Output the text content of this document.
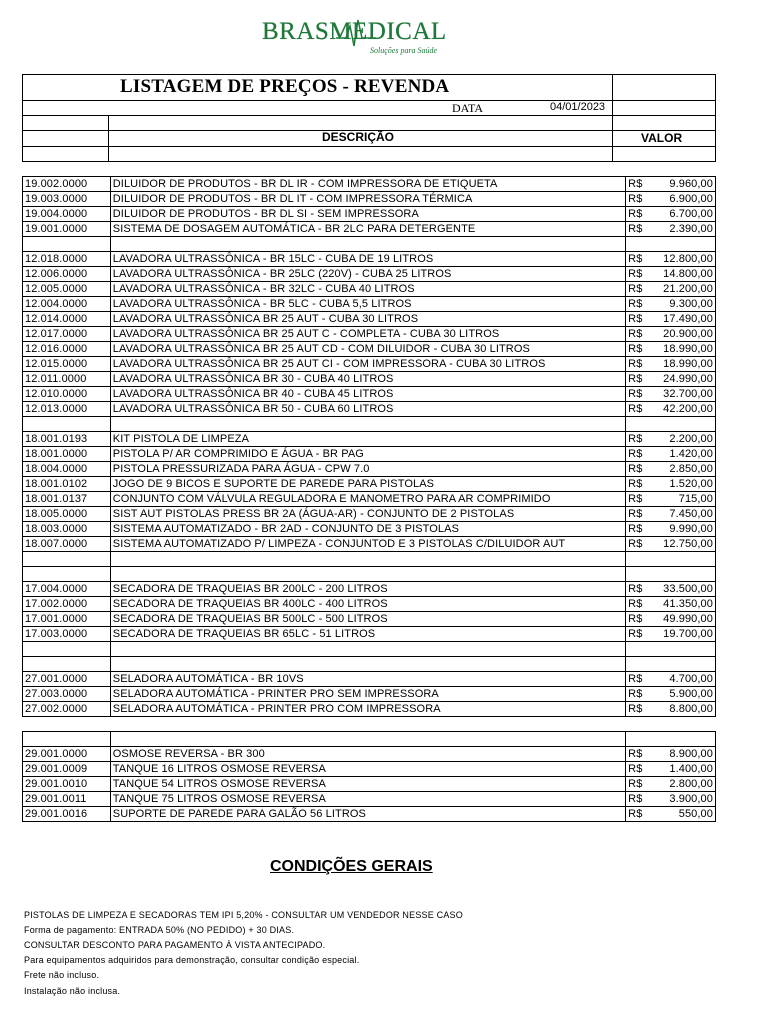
BRASMEDICAL
Soluções para Saúde
LISTAGEM DE PREÇOS - REVENDA
DATA	04/01/2023
DESCRIÇÃO	VALOR
19.002.0000	DILUIDOR DE PRODUTOS - BR DL IR - COM IMPRESSORA DE ETIQUETA	R$	9.960,00
19.003.0000	DILUIDOR DE PRODUTOS - BR DL IT - COM IMPRESSORA TÉRMICA	R$	6.900,00
19.004.0000	DILUIDOR DE PRODUTOS - BR DL SI - SEM IMPRESSORA	R$	6.700,00
19.001.0000	SISTEMA DE DOSAGEM AUTOMÁTICA - BR 2LC PARA DETERGENTE	R$	2.390,00
12.018.0000	LAVADORA ULTRASSÔNICA - BR 15LC - CUBA DE 19 LITROS	R$	12.800,00
12.006.0000	LAVADORA ULTRASSÔNICA - BR 25LC (220V) - CUBA 25 LITROS	R$	14.800,00
12.005.0000	LAVADORA ULTRASSÔNICA - BR 32LC - CUBA 40 LITROS	R$	21.200,00
12.004.0000	LAVADORA ULTRASSÔNICA - BR 5LC - CUBA 5,5 LITROS	R$	9.300,00
12.014.0000	LAVADORA ULTRASSÔNICA BR 25 AUT - CUBA 30 LITROS	R$	17.490,00
12.017.0000	LAVADORA ULTRASSÔNICA BR 25 AUT C - COMPLETA - CUBA 30 LITROS	R$	20.900,00
12.016.0000	LAVADORA ULTRASSÔNICA BR 25 AUT CD - COM DILUIDOR - CUBA 30 LITROS	R$	18.990,00
12.015.0000	LAVADORA ULTRASSÔNICA BR 25 AUT CI - COM IMPRESSORA - CUBA 30 LITROS	R$	18.990,00
12.011.0000	LAVADORA ULTRASSÔNICA BR 30 - CUBA 40 LITROS	R$	24.990,00
12.010.0000	LAVADORA ULTRASSÔNICA BR 40 - CUBA 45 LITROS	R$	32.700,00
12.013.0000	LAVADORA ULTRASSÔNICA BR 50 - CUBA 60 LITROS	R$	42.200,00
18.001.0193	KIT PISTOLA DE LIMPEZA	R$	2.200,00
18.001.0000	PISTOLA P/ AR COMPRIMIDO E ÁGUA - BR PAG	R$	1.420,00
18.004.0000	PISTOLA PRESSURIZADA PARA ÁGUA - CPW 7.0	R$	2.850,00
18.001.0102	JOGO DE 9 BICOS E SUPORTE DE PAREDE PARA PISTOLAS	R$	1.520,00
18.001.0137	CONJUNTO COM VÁLVULA REGULADORA E MANOMETRO PARA AR COMPRIMIDO	R$	715,00
18.005.0000	SIST AUT PISTOLAS PRESS BR 2A (ÁGUA-AR) - CONJUNTO DE 2 PISTOLAS	R$	7.450,00
18.003.0000	SISTEMA AUTOMATIZADO - BR 2AD - CONJUNTO DE 3 PISTOLAS	R$	9.990,00
18.007.0000	SISTEMA AUTOMATIZADO P/ LIMPEZA - CONJUNTOD E 3 PISTOLAS C/DILUIDOR AUT	R$	12.750,00
17.004.0000	SECADORA DE TRAQUEIAS BR 200LC - 200 LITROS	R$	33.500,00
17.002.0000	SECADORA DE TRAQUEIAS BR 400LC - 400 LITROS	R$	41.350,00
17.001.0000	SECADORA DE TRAQUEIAS BR 500LC - 500 LITROS	R$	49.990,00
17.003.0000	SECADORA DE TRAQUEIAS BR 65LC - 51 LITROS	R$	19.700,00
27.001.0000	SELADORA AUTOMÁTICA - BR 10VS	R$	4.700,00
27.003.0000	SELADORA AUTOMÁTICA - PRINTER PRO SEM IMPRESSORA	R$	5.900,00
27.002.0000	SELADORA AUTOMÁTICA - PRINTER PRO COM IMPRESSORA	R$	8.800,00
29.001.0000	OSMOSE REVERSA - BR 300	R$	8.900,00
29.001.0009	TANQUE 16 LITROS OSMOSE REVERSA	R$	1.400,00
29.001.0010	TANQUE 54 LITROS OSMOSE REVERSA	R$	2.800,00
29.001.0011	TANQUE 75 LITROS OSMOSE REVERSA	R$	3.900,00
29.001.0016	SUPORTE DE PAREDE PARA GALÃO 56 LITROS	R$	550,00

CONDIÇÕES GERAIS
PISTOLAS DE LIMPEZA E SECADORAS TEM IPI 5,20% - CONSULTAR UM VENDEDOR NESSE CASO
Forma de pagamento: ENTRADA 50% (NO PEDIDO) + 30 DIAS.
CONSULTAR DESCONTO PARA PAGAMENTO À VISTA ANTECIPADO.
Para equipamentos adquiridos para demonstração, consultar condição especial.
Frete não incluso.
Instalação não inclusa.
